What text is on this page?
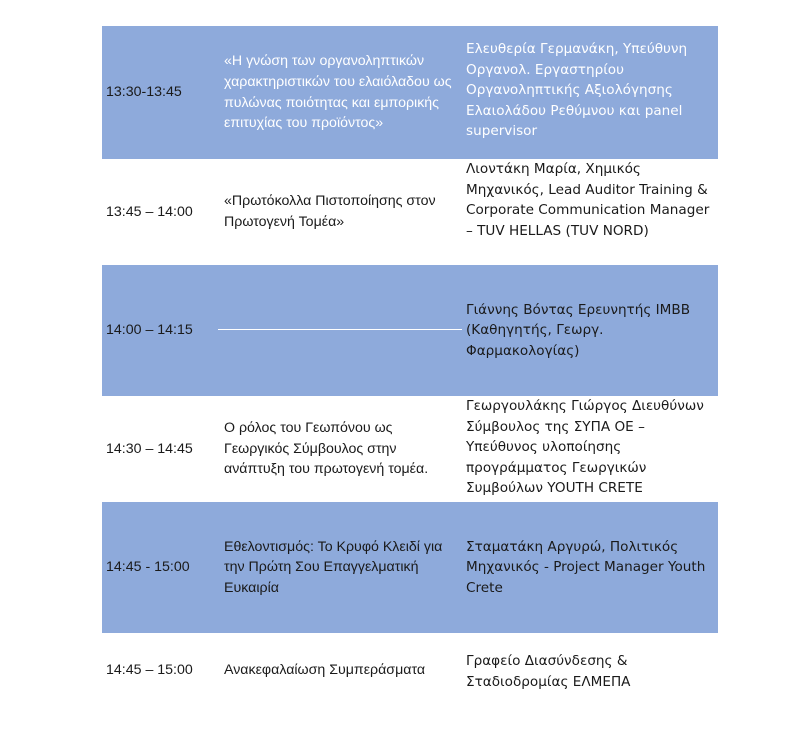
13:30-13:45
«Η γνώση των οργανοληπτικών χαρακτηριστικών του ελαιόλαδου ως πυλώνας ποιότητας και εμπορικής επιτυχίας του προϊόντος»
Ελευθερία Γερμανάκη, Υπεύθυνη Οργανολ. Εργαστηρίου Οργανοληπτικής Αξιολόγησης Ελαιολάδου Ρεθύμνου και panel supervisor
13:45 – 14:00
«Πρωτόκολλα Πιστοποίησης στον Πρωτογενή Τομέα»
Λιοντάκη Μαρία, Χημικός Μηχανικός, Lead Auditor Training & Corporate Communication Manager – TUV HELLAS (TUV NORD)
14:00 – 14:15
Γιάννης Βόντας Ερευνητής IMBB (Καθηγητής, Γεωργ. Φαρμακολογίας)
14:30 – 14:45
Ο ρόλος του Γεωπόνου ως Γεωργικός Σύμβουλος στην ανάπτυξη του πρωτογενή τομέα.
Γεωργουλάκης Γιώργος Διευθύνων Σύμβουλος της ΣΥΠΑ ΟΕ – Υπεύθυνος υλοποίησης προγράμματος Γεωργικών Συμβούλων YOUTH CRETE
14:45 - 15:00
Εθελοντισμός: Το Κρυφό Κλειδί για την Πρώτη Σου Επαγγελματική Ευκαιρία
Σταματάκη Αργυρώ, Πολιτικός Μηχανικός - Project Manager Youth Crete
14:45 – 15:00	Ανακεφαλαίωση Συμπεράσματα
Γραφείο Διασύνδεσης & Σταδιοδρομίας ΕΛΜΕΠΑ
